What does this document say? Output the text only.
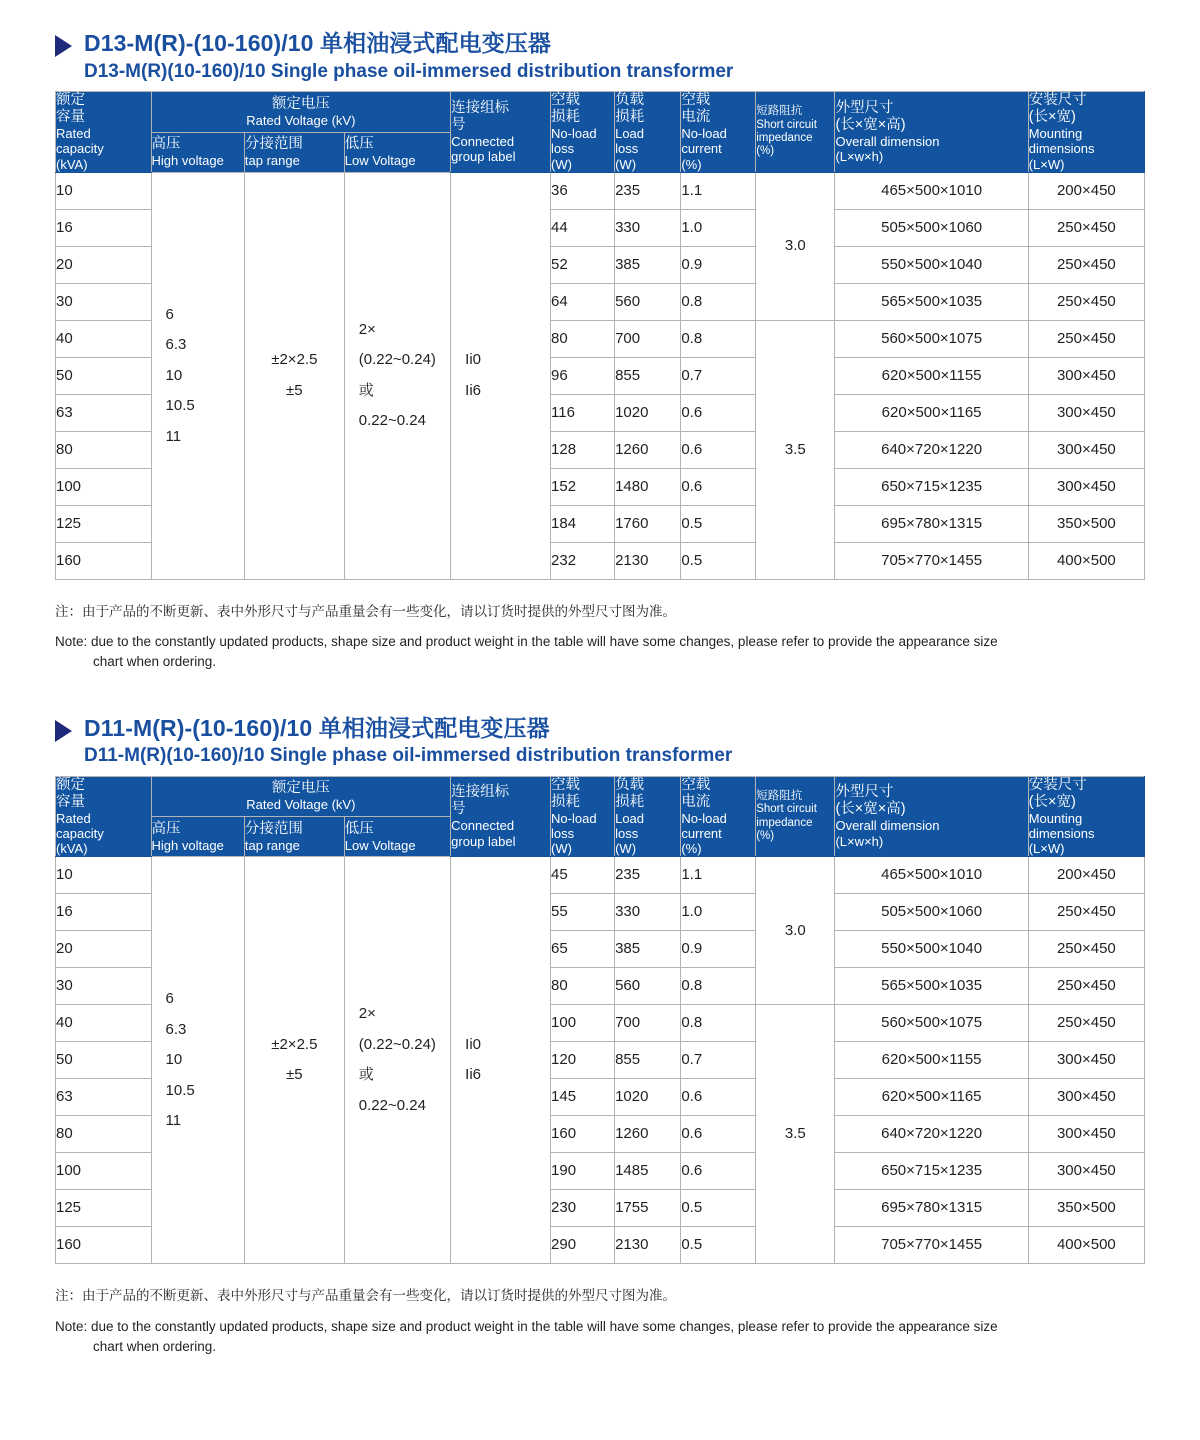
D13-M(R)-(10-160)/10 单相油浸式配电变压器
D13-M(R)(10-160)/10 Single phase oil-immersed distribution transformer
额定
容量
Rated
capacity
(kVA)	额定电压
Rated Voltage (kV)			连接组标
号
Connected
group label	空载
损耗
No-load
loss
(W)	负载
损耗
Load
loss
(W)	空载
电流
No-load
current
(%)	短路阻抗
Short circuit
impedance
(%)	外型尺寸
(长×宽×高)
Overall dimension
(L×w×h)	安装尺寸
(长×宽)
Mounting
dimensions
(L×W)

	高压
High voltage	分接范围
tap range	低压
Low Voltage							

10	6
6.3
10
10.5
11	±2×2.5
±5	2×
(0.22~0.24)
或
0.22~0.24	Ii0
Ii6	36	235	1.1	3.0	465×500×1010	200×450
16					44	330	1.0		505×500×1060	250×450
20					52	385	0.9		550×500×1040	250×450
30					64	560	0.8		565×500×1035	250×450
40					80	700	0.8	3.5	560×500×1075	250×450
50					96	855	0.7		620×500×1155	300×450
63					116	1020	0.6		620×500×1165	300×450
80					128	1260	0.6		640×720×1220	300×450
100					152	1480	0.6		650×715×1235	300×450
125					184	1760	0.5		695×780×1315	350×500
160					232	2130	0.5		705×770×1455	400×500

注：由于产品的不断更新、表中外形尺寸与产品重量会有一些变化，请以订货时提供的外型尺寸图为准。

Note: due to the constantly updated products, shape size and product weight in the table will have some changes, please refer to provide the appearance size
chart when ordering.

D11-M(R)-(10-160)/10 单相油浸式配电变压器
D11-M(R)(10-160)/10 Single phase oil-immersed distribution transformer
额定
容量
Rated
capacity
(kVA)	额定电压
Rated Voltage (kV)			连接组标
号
Connected
group label	空载
损耗
No-load
loss
(W)	负载
损耗
Load
loss
(W)	空载
电流
No-load
current
(%)	短路阻抗
Short circuit
impedance
(%)	外型尺寸
(长×宽×高)
Overall dimension
(L×w×h)	安装尺寸
(长×宽)
Mounting
dimensions
(L×W)

	高压
High voltage	分接范围
tap range	低压
Low Voltage							

10	6
6.3
10
10.5
11	±2×2.5
±5	2×
(0.22~0.24)
或
0.22~0.24	Ii0
Ii6	45	235	1.1	3.0	465×500×1010	200×450
16					55	330	1.0		505×500×1060	250×450
20					65	385	0.9		550×500×1040	250×450
30					80	560	0.8		565×500×1035	250×450
40					100	700	0.8	3.5	560×500×1075	250×450
50					120	855	0.7		620×500×1155	300×450
63					145	1020	0.6		620×500×1165	300×450
80					160	1260	0.6		640×720×1220	300×450
100					190	1485	0.6		650×715×1235	300×450
125					230	1755	0.5		695×780×1315	350×500
160					290	2130	0.5		705×770×1455	400×500

注：由于产品的不断更新、表中外形尺寸与产品重量会有一些变化，请以订货时提供的外型尺寸图为准。

Note: due to the constantly updated products, shape size and product weight in the table will have some changes, please refer to provide the appearance size
chart when ordering.
